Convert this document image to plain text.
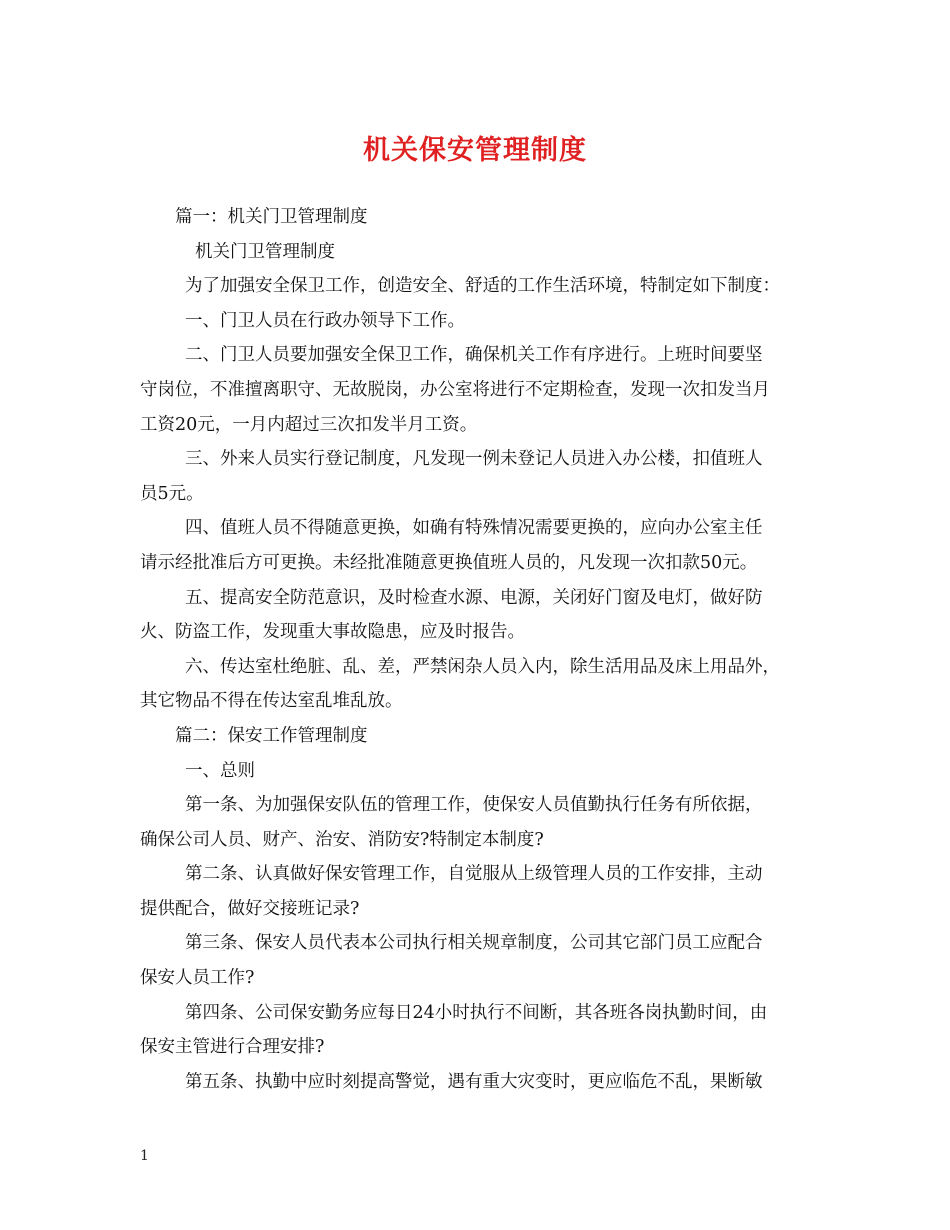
机关保安管理制度
篇一：机关门卫管理制度
机关门卫管理制度
为了加强安全保卫工作，创造安全、舒适的工作生活环境，特制定如下制度：
一、门卫人员在行政办领导下工作。
二、门卫人员要加强安全保卫工作，确保机关工作有序进行。上班时间要坚
守岗位，不准擅离职守、无故脱岗，办公室将进行不定期检查，发现一次扣发当月
工资20元，一月内超过三次扣发半月工资。
三、外来人员实行登记制度，凡发现一例未登记人员进入办公楼，扣值班人
员5元。
四、值班人员不得随意更换，如确有特殊情况需要更换的，应向办公室主任
请示经批准后方可更换。未经批准随意更换值班人员的，凡发现一次扣款50元。
五、提高安全防范意识，及时检查水源、电源，关闭好门窗及电灯，做好防
火、防盗工作，发现重大事故隐患，应及时报告。
六、传达室杜绝脏、乱、差，严禁闲杂人员入内，除生活用品及床上用品外，
其它物品不得在传达室乱堆乱放。
篇二：保安工作管理制度
一、总则
第一条、为加强保安队伍的管理工作，使保安人员值勤执行任务有所依据，
确保公司人员、财产、治安、消防安?特制定本制度?
第二条、认真做好保安管理工作，自觉服从上级管理人员的工作安排，主动
提供配合，做好交接班记录?
第三条、保安人员代表本公司执行相关规章制度，公司其它部门员工应配合
保安人员工作?
第四条、公司保安勤务应每日24小时执行不间断，其各班各岗执勤时间，由
保安主管进行合理安排?
第五条、执勤中应时刻提高警觉，遇有重大灾变时，更应临危不乱，果断敏
1
